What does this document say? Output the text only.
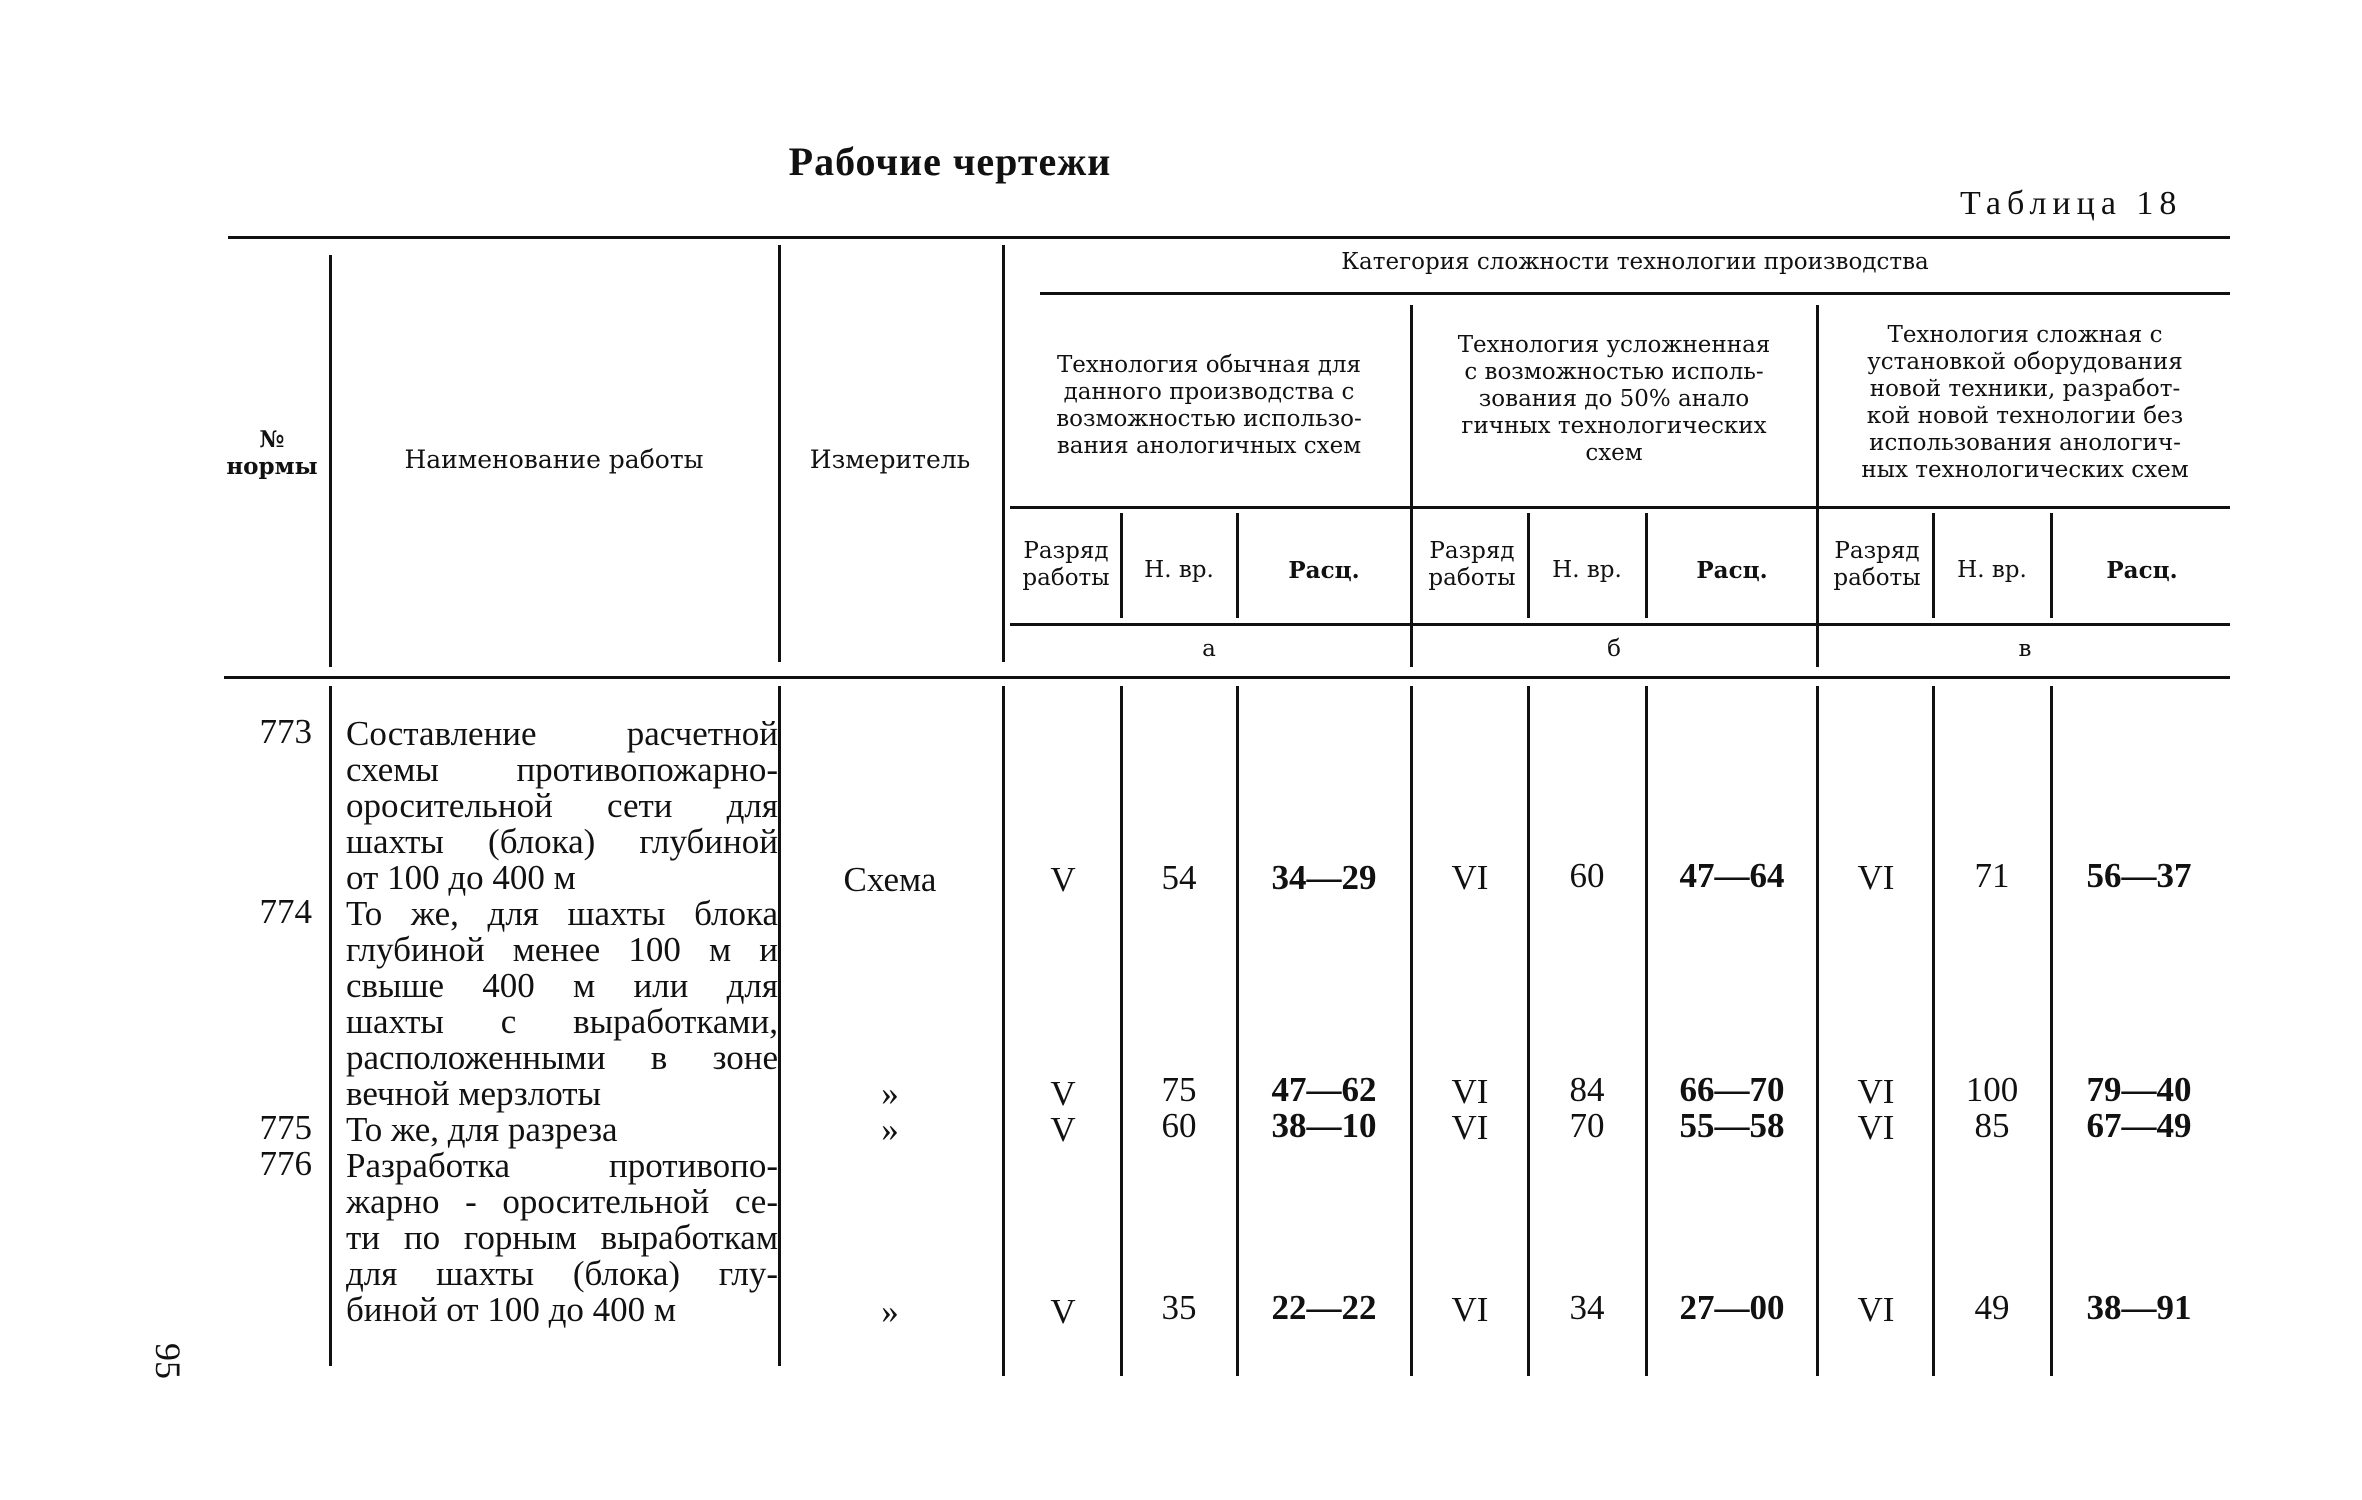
Рабочие чертежи
Таблица 18
№
нормы	Наименование работы	Измеритель
Категория сложности технологии производства
Технология обычная для
данного производства с
возможностью использо-
вания анологичных схем
Технология усложненная
с возможностью исполь-
зования до 50% анало
гичных технологических
схем
Технология сложная с
установкой оборудования
новой техники, разработ-
кой новой технологии без
использования анологич-
ных технологических схем
Разряд
работы	Н. вр.	Расц.
Разряд
работы	Н. вр.	Расц.
Разряд
работы	Н. вр.	Расц.
а	б	в
773 Составление расчетной
схемы противопожарно-
оросительной сети для
шахты (блока) глубиной

от 100 до 400 м	Схема	V	54	34—29	VI	60	47—64	VI	71	56—37
774 То же, для шахты блока
глубиной менее 100 м и
свыше 400 м или для
шахты с выработками,
расположенными в зоне

вечной мерзлоты	»	V	75	47—62	VI	84	66—70	VI	100	79—40
775 То же, для разреза	»	V	60	38—10	VI	70	55—58	VI	85	67—49
776 Разработка противопо-
жарно - оросительной се-
ти по горным выработкам
для шахты (блока) глу-

биной от 100 до 400 м	»	V	35	22—22	VI	34	27—00	VI	49	38—91
95
